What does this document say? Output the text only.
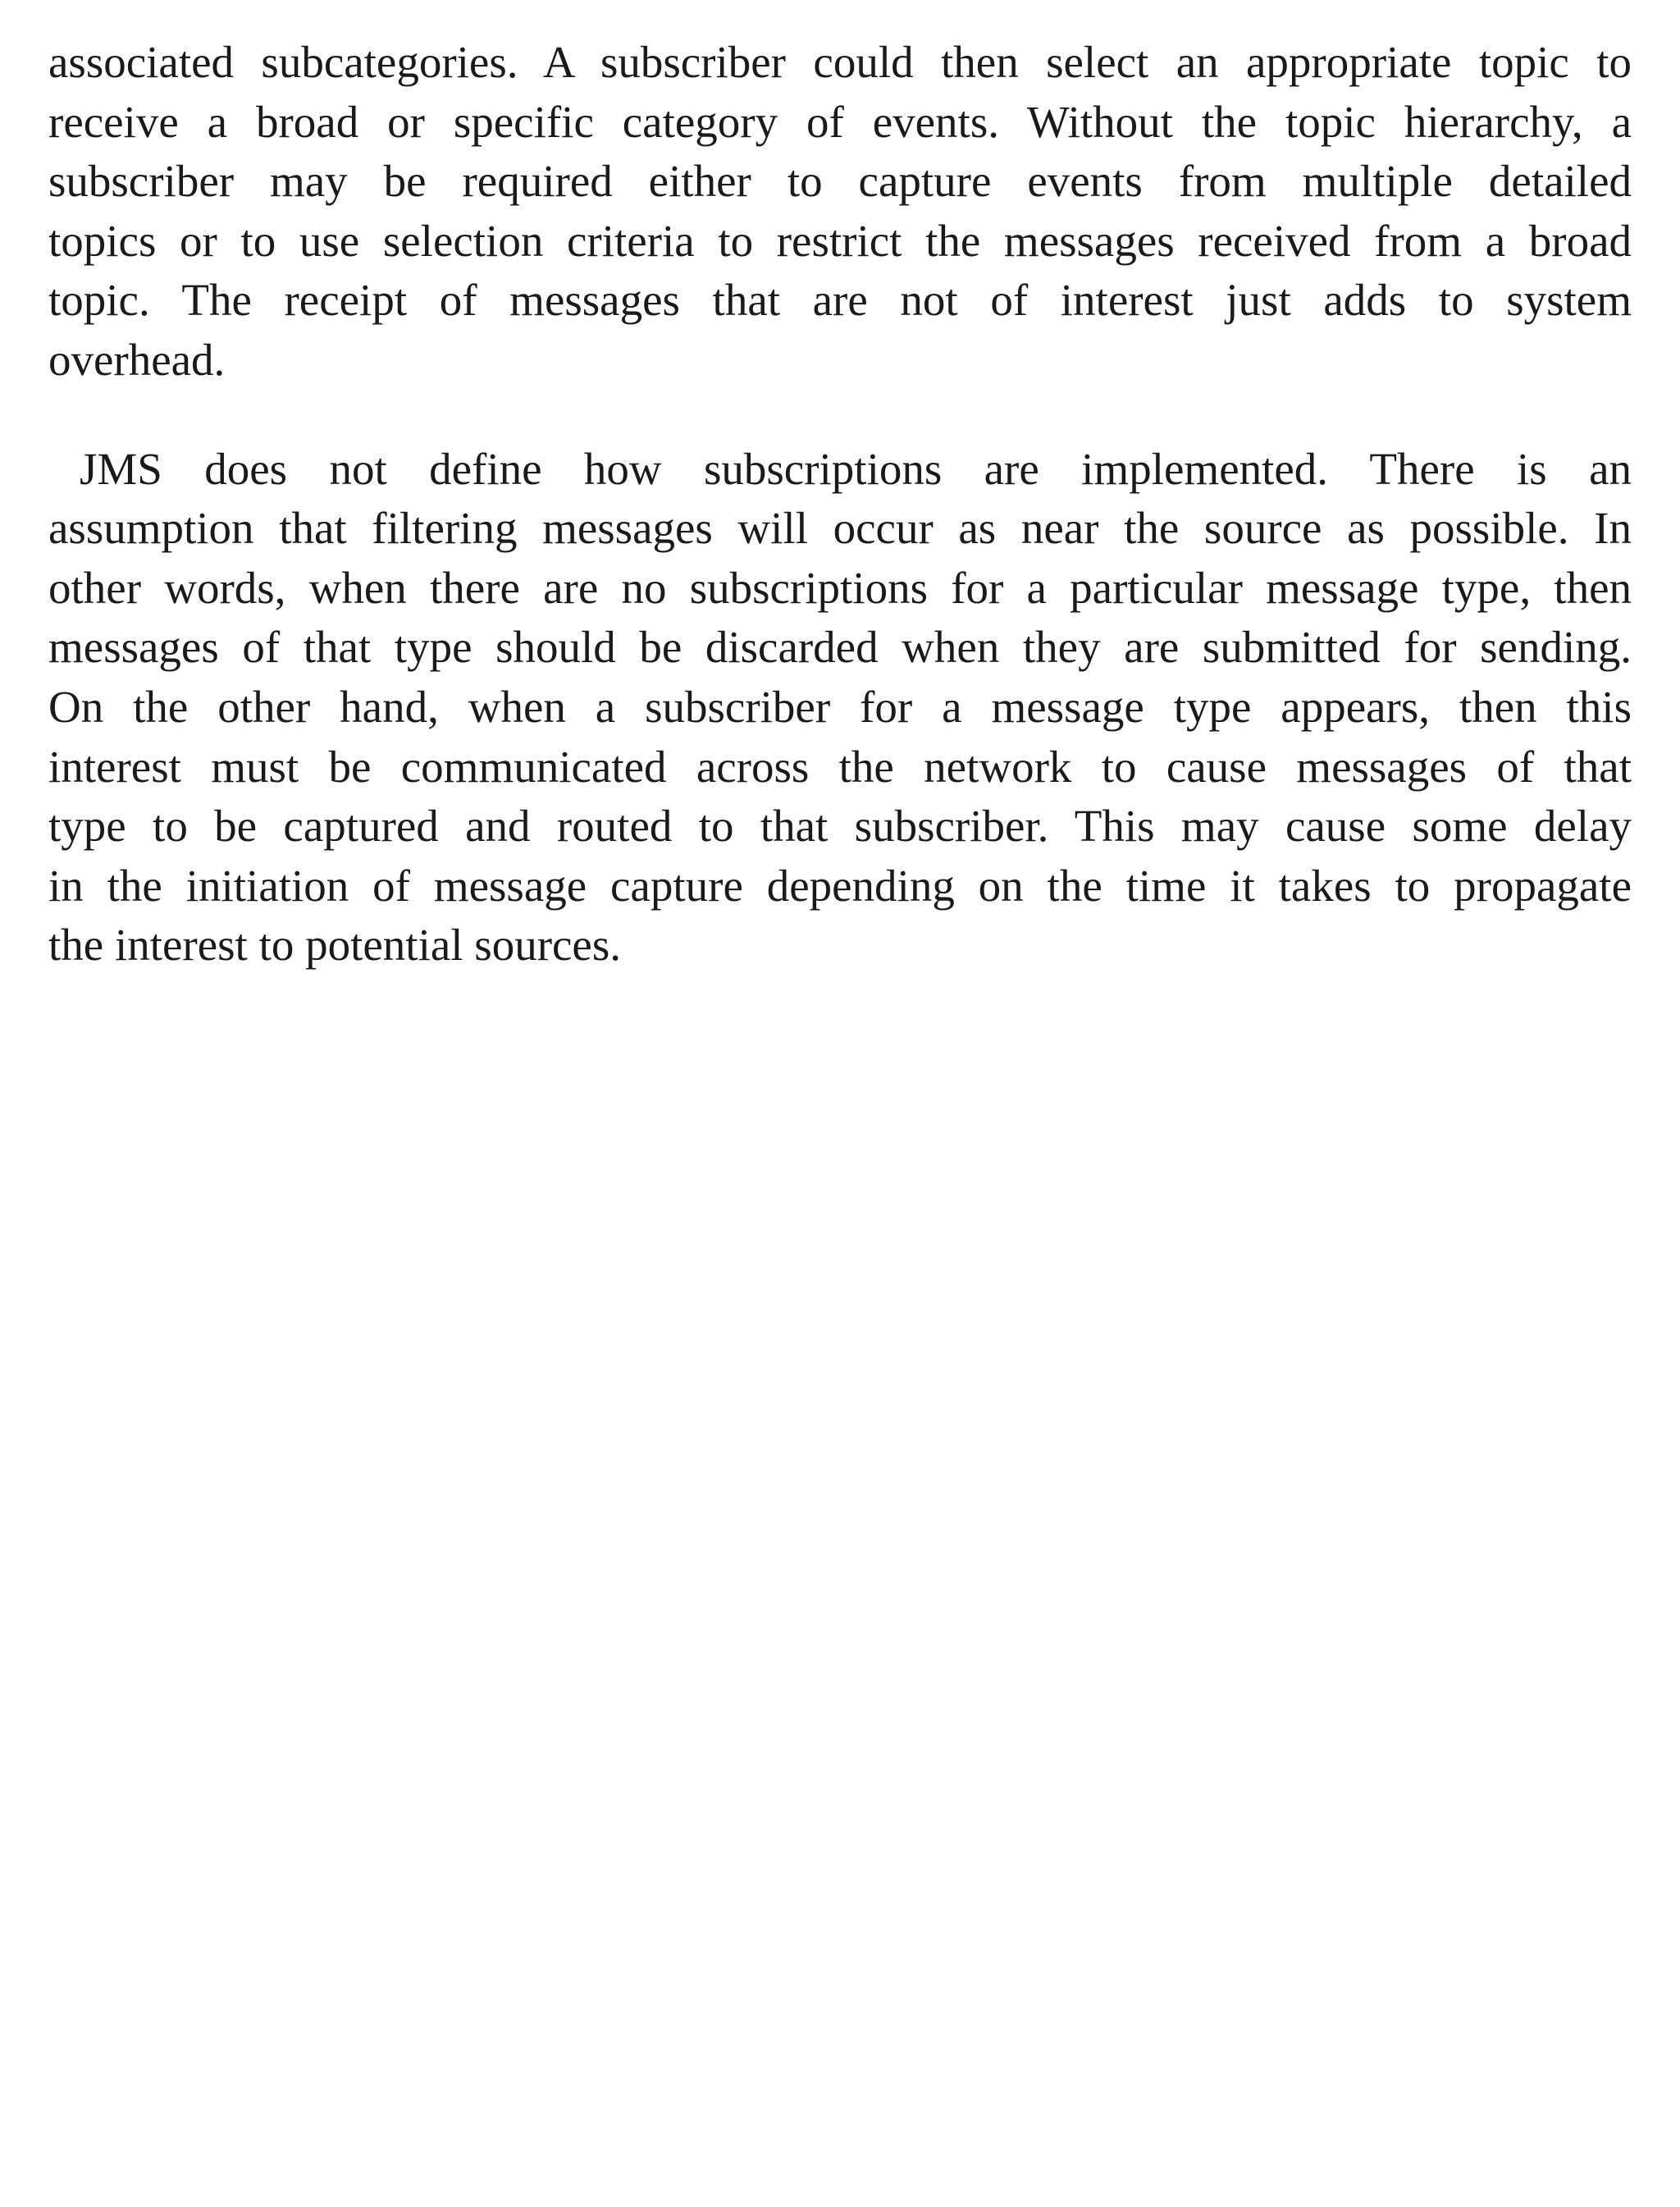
associated subcategories. A subscriber could then select an appropriate topic to
receive a broad or specific category of events. Without the topic hierarchy, a
subscriber may be required either to capture events from multiple detailed
topics or to use selection criteria to restrict the messages received from a broad
topic. The receipt of messages that are not of interest just adds to system
overhead.

JMS does not define how subscriptions are implemented. There is an
assumption that filtering messages will occur as near the source as possible. In
other words, when there are no subscriptions for a particular message type, then
messages of that type should be discarded when they are submitted for sending.
On the other hand, when a subscriber for a message type appears, then this
interest must be communicated across the network to cause messages of that
type to be captured and routed to that subscriber. This may cause some delay
in the initiation of message capture depending on the time it takes to propagate
the interest to potential sources.
